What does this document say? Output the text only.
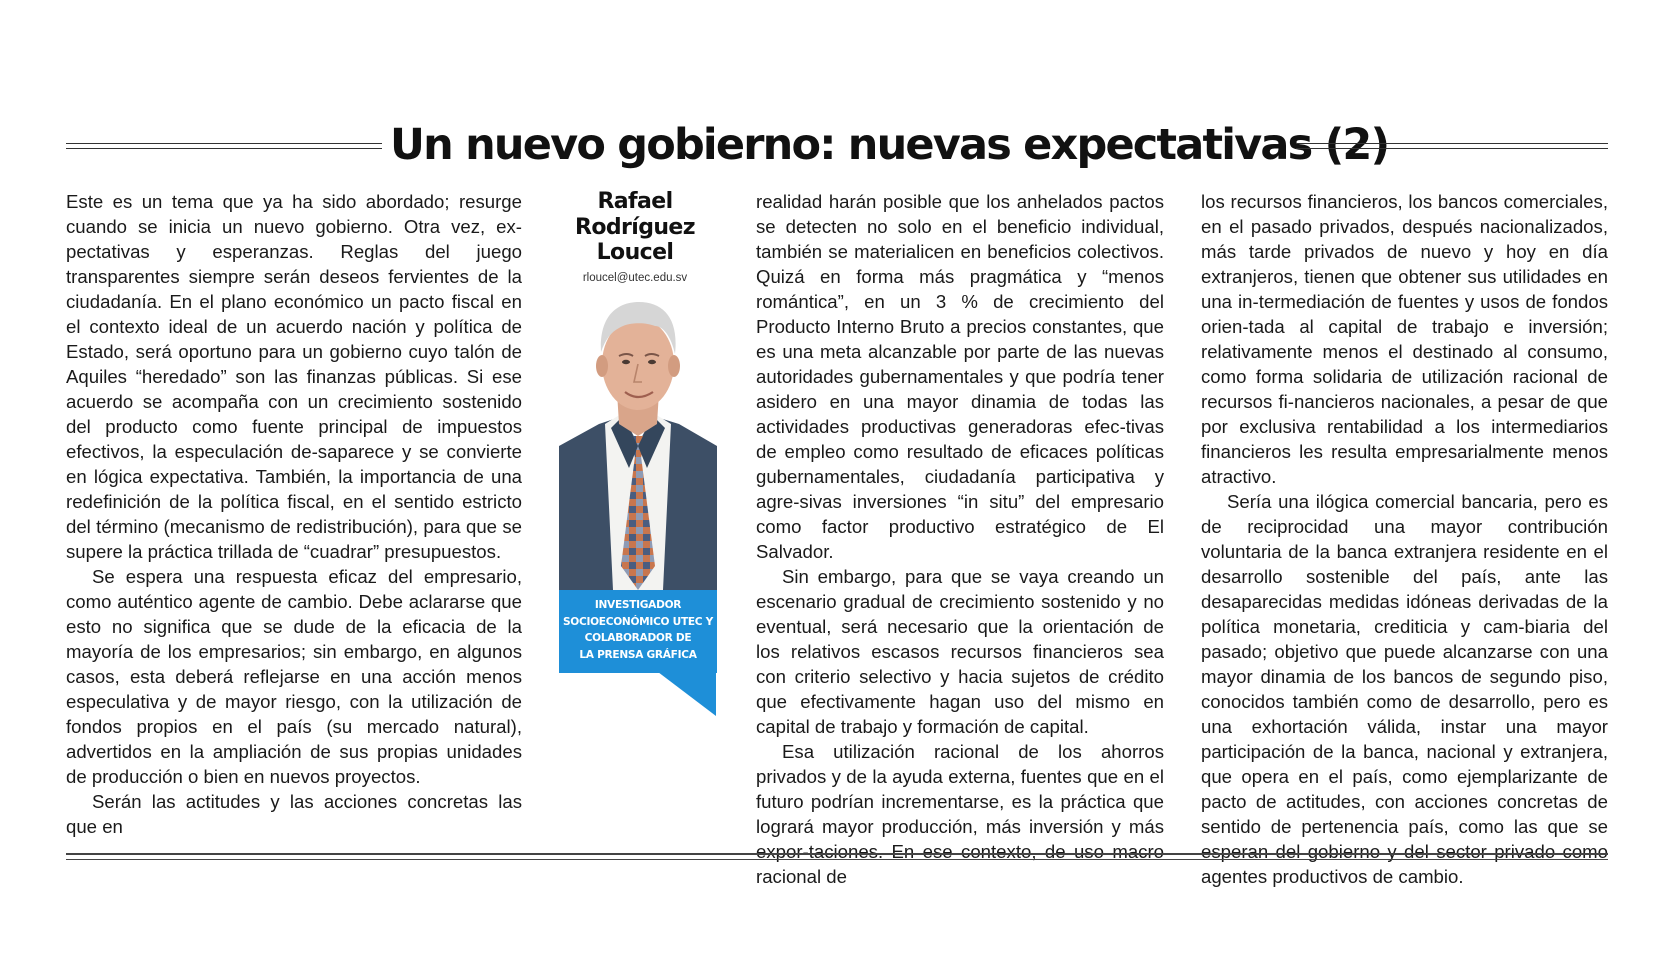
Un nuevo gobierno: nuevas expectativas (2)

Este es un tema que ya ha sido abordado; resurge cuando se inicia un nuevo gobierno. Otra vez, ex-pectativas y esperanzas. Reglas del juego transparentes siempre serán deseos fervientes de la ciudadanía. En el plano económico un pacto fiscal en el contexto ideal de un acuerdo nación y política de Estado, será oportuno para un gobierno cuyo talón de Aquiles “heredado” son las finanzas públicas. Si ese acuerdo se acompaña con un crecimiento sostenido del producto como fuente principal de impuestos efectivos, la especulación de-saparece y se convierte en lógica expectativa. También, la importancia de una redefinición de la política fiscal, en el sentido estricto del término (mecanismo de redistribución), para que se supere la práctica trillada de “cuadrar” presupuestos.

Se espera una respuesta eficaz del empresario, como auténtico agente de cambio. Debe aclararse que esto no significa que se dude de la eficacia de la mayoría de los empresarios; sin embargo, en algunos casos, esta deberá reflejarse en una acción menos especulativa y de mayor riesgo, con la utilización de fondos propios en el país (su mercado natural), advertidos en la ampliación de sus propias unidades de producción o bien en nuevos proyectos.

Serán las actitudes y las acciones concretas las que en

Rafael
Rodríguez
Loucel
rloucel@utec.edu.sv
INVESTIGADOR
SOCIOECONÓMICO UTEC Y
COLABORADOR DE
LA PRENSA GRÁFICA

realidad harán posible que los anhelados pactos se detecten no solo en el beneficio individual, también se materialicen en beneficios colectivos. Quizá en forma más pragmática y “menos romántica”, en un 3 % de crecimiento del Producto Interno Bruto a precios constantes, que es una meta alcanzable por parte de las nuevas autoridades gubernamentales y que podría tener asidero en una mayor dinamia de todas las actividades productivas generadoras efec-tivas de empleo como resultado de eficaces políticas gubernamentales, ciudadanía participativa y agre-sivas inversiones “in situ” del empresario como factor productivo estratégico de El Salvador.

Sin embargo, para que se vaya creando un escenario gradual de crecimiento sostenido y no eventual, será necesario que la orientación de los relativos escasos recursos financieros sea con criterio selectivo y hacia sujetos de crédito que efectivamente hagan uso del mismo en capital de trabajo y formación de capital.

Esa utilización racional de los ahorros privados y de la ayuda externa, fuentes que en el futuro podrían incrementarse, es la práctica que logrará mayor producción, más inversión y más expor-taciones. En ese contexto, de uso macro racional de

los recursos financieros, los bancos comerciales, en el pasado privados, después nacionalizados, más tarde privados de nuevo y hoy en día extranjeros, tienen que obtener sus utilidades en una in-termediación de fuentes y usos de fondos orien-tada al capital de trabajo e inversión; relativamente menos el destinado al consumo, como forma solidaria de utilización racional de recursos fi-nancieros nacionales, a pesar de que por exclusiva rentabilidad a los intermediarios financieros les resulta empresarialmente menos atractivo.

Sería una ilógica comercial bancaria, pero es de reciprocidad una mayor contribución voluntaria de la banca extranjera residente en el desarrollo sostenible del país, ante las desaparecidas medidas idóneas derivadas de la política monetaria, crediticia y cam-biaria del pasado; objetivo que puede alcanzarse con una mayor dinamia de los bancos de segundo piso, conocidos también como de desarrollo, pero es una exhortación válida, instar una mayor participación de la banca, nacional y extranjera, que opera en el país, como ejemplarizante de pacto de actitudes, con acciones concretas de sentido de pertenencia país, como las que se esperan del gobierno y del sector privado como agentes productivos de cambio.
